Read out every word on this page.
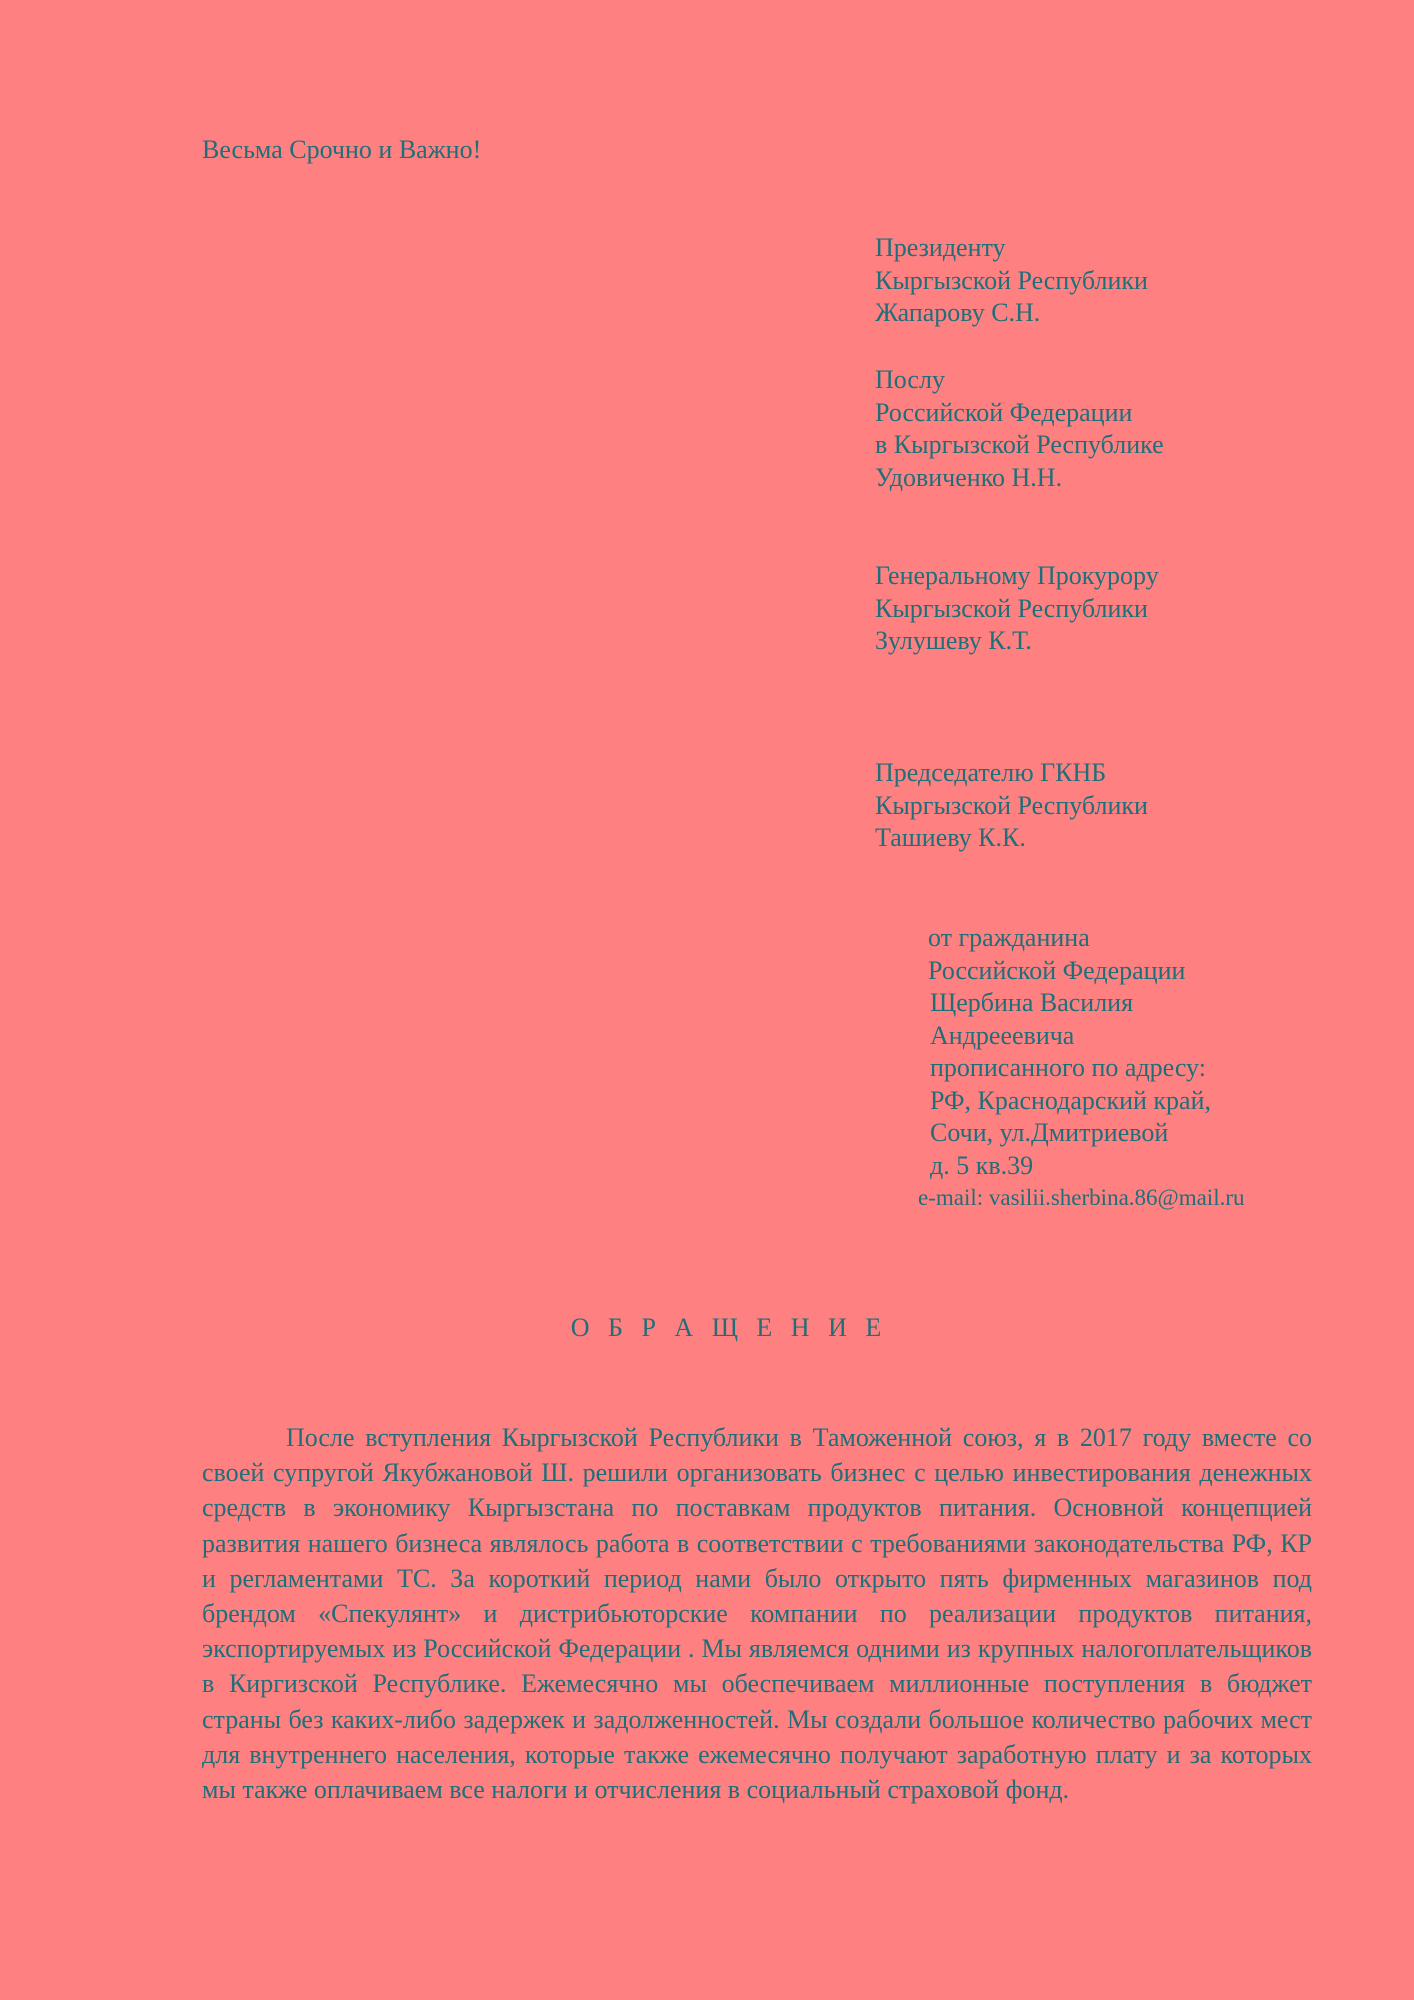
Весьма Срочно и Важно!

Президенту
Кыргызской Республики
Жапарову С.Н.
Послу
Российской Федерации
в Кыргызской Республике
Удовиченко Н.Н.
Генеральному Прокурору
Кыргызской Республики
Зулушеву К.Т.
Председателю ГКНБ
Кыргызской Республики
Ташиеву К.К.
от гражданина
Российской Федерации
Щербина Василия
Андрееевича
прописанного по адресу:
РФ, Краснодарский край,
Сочи, ул.Дмитриевой
д. 5 кв.39
e-mail: vasilii.sherbina.86@mail.ru
О Б Р А Щ Е Н И Е

После вступления Кыргызской Республики в Таможенной союз, я в 2017 году вместе со своей супругой Якубжановой Ш. решили организовать бизнес с целью инвестирования денежных средств в экономику Кыргызстана по поставкам продуктов питания. Основной концепцией развития нашего бизнеса являлось работа в соответствии с требованиями законодательства РФ, КР и регламентами ТС. За короткий период нами было открыто пять фирменных магазинов под брендом «Спекулянт» и дистрибьюторские компании по реализации продуктов питания, экспортируемых из Российской Федерации . Мы являемся одними из крупных налогоплательщиков в Киргизской Республике. Ежемесячно мы обеспечиваем миллионные поступления в бюджет страны без каких-либо задержек и задолженностей. Мы создали большое количество рабочих мест для внутреннего населения, которые также ежемесячно получают заработную плату и за которых мы также оплачиваем все налоги и отчисления в социальный страховой фонд.
